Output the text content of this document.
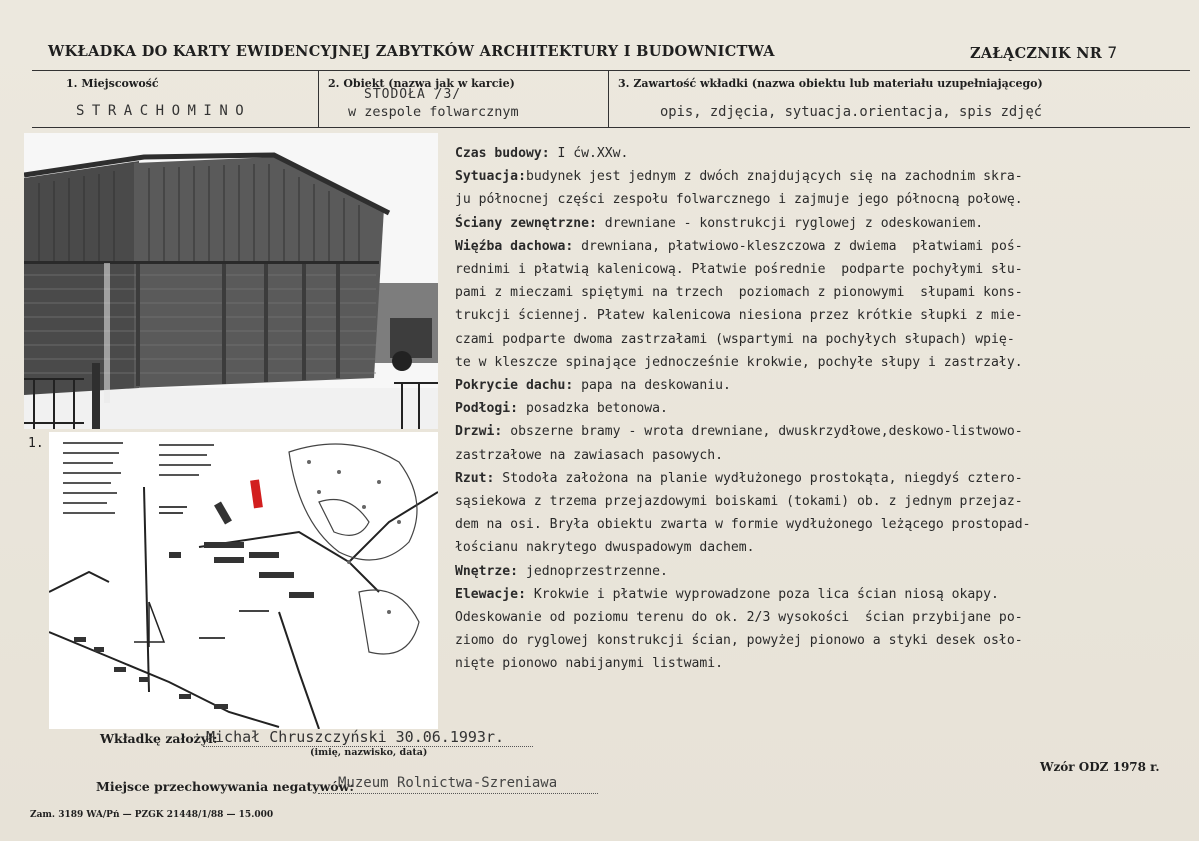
WKŁADKA DO KARTY EWIDENCYJNEJ ZABYTKÓW ARCHITEKTURY I BUDOWNICTWA	ZAŁĄCZNIK NR 7
1. Miejscowość
STRACHOMINO
2. Obiekt (nazwa jak w karcie)
STODOŁA /3/
w zespole folwarcznym
3. Zawartość wkładki (nazwa obiektu lub materiału uzupełniającego)
opis, zdjęcia, sytuacja.orientacja, spis zdjęć
1.
Czas budowy: I ćw.XXw.
Sytuacja:budynek jest jednym z dwóch znajdujących się na zachodnim skra-
ju północnej części zespołu folwarcznego i zajmuje jego północną połowę.
Ściany zewnętrzne: drewniane - konstrukcji ryglowej z odeskowaniem.
Więźba dachowa: drewniana, płatwiowo-kleszczowa z dwiema  płatwiami poś-
rednimi i płatwią kalenicową. Płatwie pośrednie  podparte pochyłymi słu-
pami z mieczami spiętymi na trzech  poziomach z pionowymi  słupami kons-
trukcji ściennej. Płatew kalenicowa niesiona przez krótkie słupki z mie-
czami podparte dwoma zastrzałami (wspartymi na pochyłych słupach) wpię-
te w kleszcze spinające jednocześnie krokwie, pochyłe słupy i zastrzały.
Pokrycie dachu: papa na deskowaniu.
Podłogi: posadzka betonowa.
Drzwi: obszerne bramy - wrota drewniane, dwuskrzydłowe,deskowo-listwowo-
zastrzałowe na zawiasach pasowych.
Rzut: Stodoła założona na planie wydłużonego prostokąta, niegdyś cztero-
sąsiekowa z trzema przejazdowymi boiskami (tokami) ob. z jednym przejaz-
dem na osi. Bryła obiektu zwarta w formie wydłużonego leżącego prostopad-
łościanu nakrytego dwuspadowym dachem.
Wnętrze: jednoprzestrzenne.
Elewacje: Krokwie i płatwie wyprowadzone poza lica ścian niosą okapy.
Odeskowanie od poziomu terenu do ok. 2/3 wysokości  ścian przybijane po-
ziomo do ryglowej konstrukcji ścian, powyżej pionowo a styki desek osło-
nięte pionowo nabijanymi listwami.
Wkładkę założył:
Michał Chruszczyński 30.06.1993r.
(imię, nazwisko, data)
Wzór ODZ 1978 r.
Miejsce przechowywania negatywów:
Muzeum Rolnictwa-Szreniawa
Zam. 3189 WA/Pń — PZGK 21448/1/88 — 15.000
